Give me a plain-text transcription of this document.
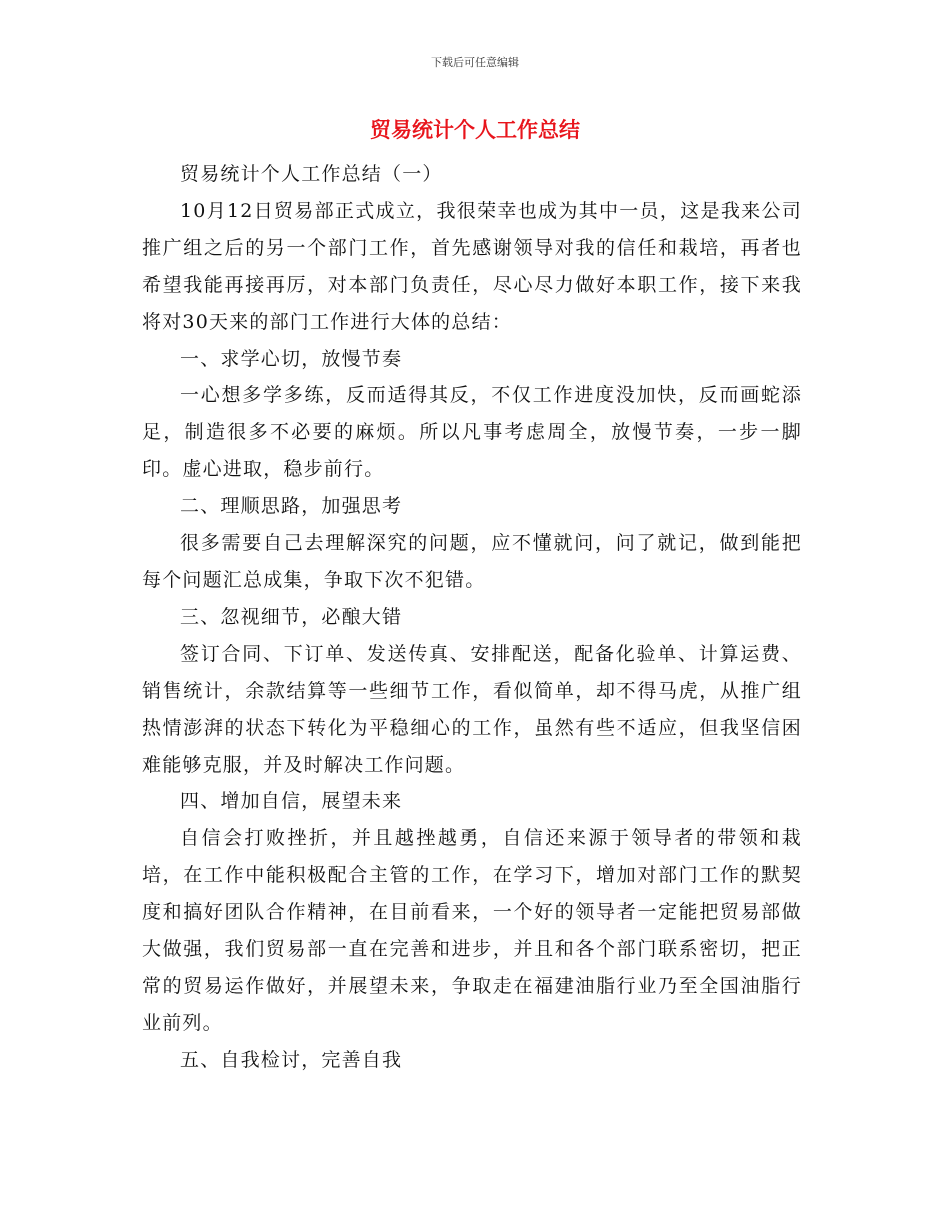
下载后可任意编辑
贸易统计个人工作总结

贸易统计个人工作总结（一）

10月12日贸易部正式成立，我很荣幸也成为其中一员，这是我来公司推广组之后的另一个部门工作，首先感谢领导对我的信任和栽培，再者也希望我能再接再厉，对本部门负责任，尽心尽力做好本职工作，接下来我将对30天来的部门工作进行大体的总结：

一、求学心切，放慢节奏

一心想多学多练，反而适得其反，不仅工作进度没加快，反而画蛇添足，制造很多不必要的麻烦。所以凡事考虑周全，放慢节奏，一步一脚印。虚心进取，稳步前行。

二、理顺思路，加强思考

很多需要自己去理解深究的问题，应不懂就问，问了就记，做到能把每个问题汇总成集，争取下次不犯错。

三、忽视细节，必酿大错

签订合同、下订单、发送传真、安排配送，配备化验单、计算运费、销售统计，余款结算等一些细节工作，看似简单，却不得马虎，从推广组热情澎湃的状态下转化为平稳细心的工作，虽然有些不适应，但我坚信困难能够克服，并及时解决工作问题。

四、增加自信，展望未来

自信会打败挫折，并且越挫越勇，自信还来源于领导者的带领和栽培，在工作中能积极配合主管的工作，在学习下，增加对部门工作的默契度和搞好团队合作精神，在目前看来，一个好的领导者一定能把贸易部做大做强，我们贸易部一直在完善和进步，并且和各个部门联系密切，把正常的贸易运作做好，并展望未来，争取走在福建油脂行业乃至全国油脂行业前列。

五、自我检讨，完善自我
